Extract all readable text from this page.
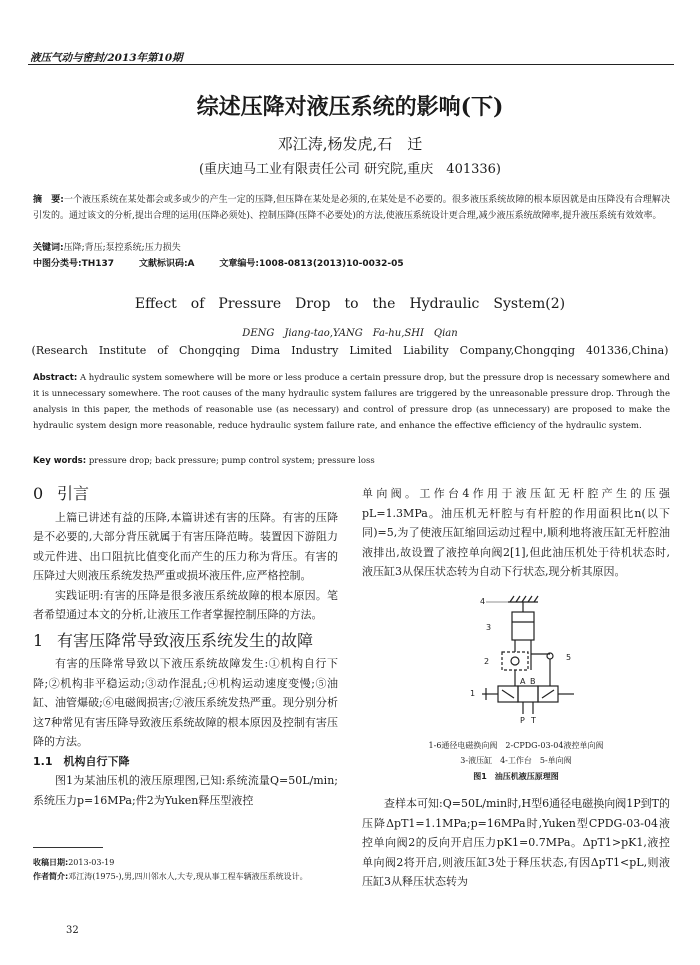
液压气动与密封/2013年第10期
综述压降对液压系统的影响(下)
邓江涛,杨发虎,石　迁
(重庆迪马工业有限责任公司 研究院,重庆　401336)
摘　要:一个液压系统在某处都会或多或少的产生一定的压降,但压降在某处是必须的,在某处是不必要的。很多液压系统故障的根本原因就是由压降没有合理解决引发的。通过该文的分析,提出合理的运用(压降必须处)、控制压降(压降不必要处)的方法,使液压系统设计更合理,减少液压系统故障率,提升液压系统有效效率。
关键词:压降;背压;泵控系统;压力损失
中图分类号:TH137	文献标识码:A	文章编号:1008-0813(2013)10-0032-05
Effect　of　Pressure　Drop　to　the　Hydraulic　System(2)
DENG　Jiang-tao,YANG　Fa-hu,SHI　Qian
(Research　Institute　of　Chongqing　Dima　Industry　Limited　Liability　Company,Chongqing　401336,China)
Abstract: A hydraulic system somewhere will be more or less produce a certain pressure drop, but the pressure drop is necessary somewhere and it is unnecessary somewhere. The root causes of the many hydraulic system failures are triggered by the unreasonable pressure drop. Through the analysis in this paper, the methods of reasonable use (as necessary) and control of pressure drop (as unnecessary) are proposed to make the hydraulic system design more reasonable, reduce hydraulic system failure rate, and enhance the effective efficiency of the hydraulic system.
Key words: pressure drop; back pressure; pump control system; pressure loss
0 引言

上篇已讲述有益的压降,本篇讲述有害的压降。有害的压降是不必要的,大部分背压就属于有害压降范畴。装置因下游阻力或元件进、出口阻抗比值变化而产生的压力称为背压。有害的压降过大则液压系统发热严重或损坏液压件,应严格控制。

实践证明:有害的压降是很多液压系统故障的根本原因。笔者希望通过本文的分析,让液压工作者掌握控制压降的方法。

1 有害压降常导致液压系统发生的故障

有害的压降常导致以下液压系统故障发生:①机构自行下降;②机构非平稳运动;③动作混乱;④机构运动速度变慢;⑤油缸、油管爆破;⑥电磁阀损害;⑦液压系统发热严重。现分别分析这7种常见有害压降导致液压系统故障的根本原因及控制有害压降的方法。

1.1　 机构自行下降

图1为某油压机的液压原理图,已知:系统流量Q=50L/min;系统压力p=16MPa;件2为Yuken释压型液控

收稿日期:2013-03-19
作者简介:邓江涛(1975-),男,四川邻水人,大专,现从事工程车辆液压系统设计。
32

单向阀。工作台4作用于液压缸无杆腔产生的压强pL=1.3MPa。油压机无杆腔与有杆腔的作用面积比n(以下同)=5,为了使液压缸缩回运动过程中,顺利地将液压缸无杆腔油液排出,故设置了液控单向阀2[1],但此油压机处于待机状态时,液压缸3从保压状态转为自动下行状态,现分析其原因。

4
3
2	5
1
A B
P T
1-6通径电磁换向阀　2-CPDG-03-04液控单向阀
3-液压缸　4-工作台　5-单向阀
图1　油压机液压原理图

查样本可知:Q=50L/min时,H型6通径电磁换向阀1P到T的压降ΔpT1=1.1MPa;p=16MPa时,Yuken型CPDG-03-04液控单向阀2的反向开启压力pK1=0.7MPa。ΔpT1>pK1,液控单向阀2将开启,则液压缸3处于释压状态,有因ΔpT1<pL,则液压缸3从释压状态转为
